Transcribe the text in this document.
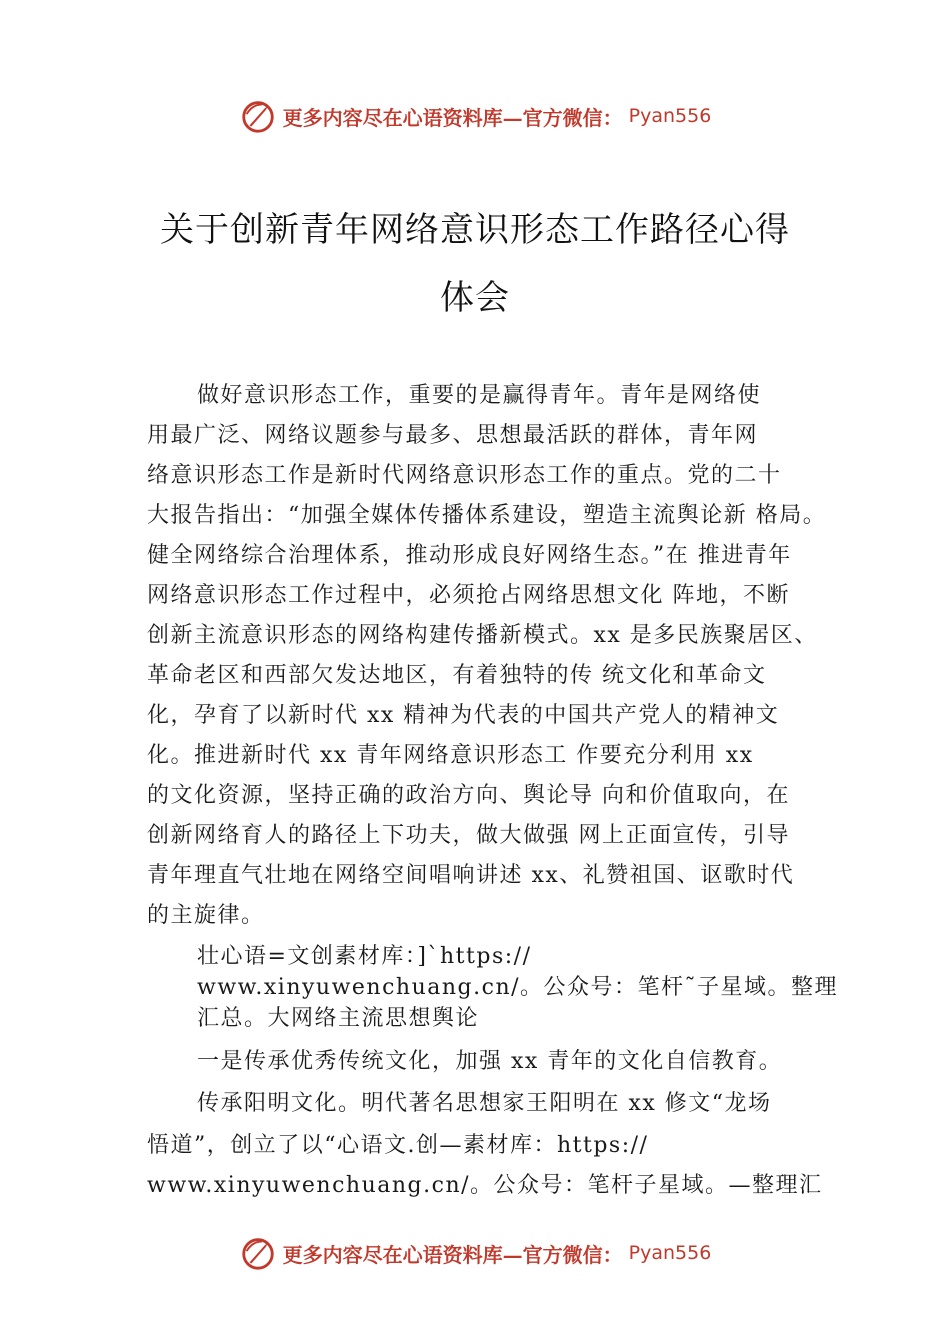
更多内容尽在心语资料库—官方微信： Pyan556
关于创新青年网络意识形态工作路径心得
体会
做好意识形态工作，重要的是赢得青年。青年是网络使
用最广泛、网络议题参与最多、思想最活跃的群体，青年网
络意识形态工作是新时代网络意识形态工作的重点。党的二十
大报告指出：“加强全媒体传播体系建设，塑造主流舆论新 格局。
健全网络综合治理体系，推动形成良好网络生态。”在 推进青年
网络意识形态工作过程中，必须抢占网络思想文化 阵地，不断
创新主流意识形态的网络构建传播新模式。xx 是多民族聚居区、
革命老区和西部欠发达地区，有着独特的传 统文化和革命文
化，孕育了以新时代 xx 精神为代表的中国共产党人的精神文
化。推进新时代 xx 青年网络意识形态工 作要充分利用 xx
的文化资源，坚持正确的政治方向、舆论导 向和价值取向，在
创新网络育人的路径上下功夫，做大做强 网上正面宣传，引导
青年理直气壮地在网络空间唱响讲述 xx、礼赞祖国、讴歌时代
的主旋律。
壮心语=文创素材库：]`https://
www.xinyuwenchuang.cn/。公众号：笔杆˜子星域。整理
汇总。大网络主流思想舆论
一是传承优秀传统文化，加强 xx 青年的文化自信教育。
传承阳明文化。明代著名思想家王阳明在 xx 修文“龙场
悟道”，创立了以“心语文.创—素材库：https://
www.xinyuwenchuang.cn/。公众号：笔杆子星域。—整理汇
更多内容尽在心语资料库—官方微信： Pyan556
